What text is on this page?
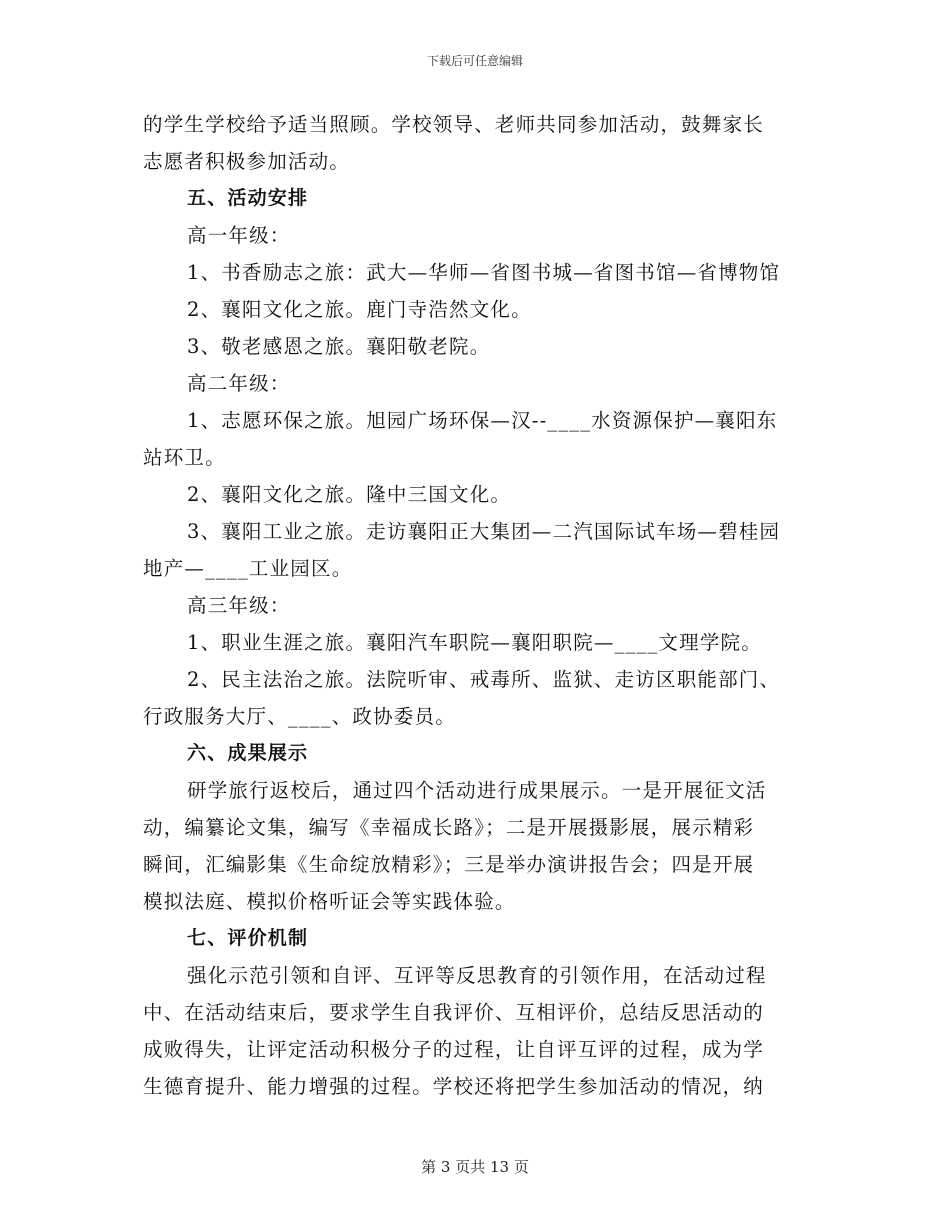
下载后可任意编辑
的学生学校给予适当照顾。学校领导、老师共同参加活动，鼓舞家长
志愿者积极参加活动。
五、活动安排
高一年级：
1、书香励志之旅：武大—华师—省图书城—省图书馆—省博物馆
2、襄阳文化之旅。鹿门寺浩然文化。
3、敬老感恩之旅。襄阳敬老院。
高二年级：
1、志愿环保之旅。旭园广场环保—汉--____水资源保护—襄阳东
站环卫。
2、襄阳文化之旅。隆中三国文化。
3、襄阳工业之旅。走访襄阳正大集团—二汽国际试车场—碧桂园
地产—____工业园区。
高三年级：
1、职业生涯之旅。襄阳汽车职院—襄阳职院—____文理学院。
2、民主法治之旅。法院听审、戒毒所、监狱、走访区职能部门、
行政服务大厅、____、政协委员。
六、成果展示
研学旅行返校后，通过四个活动进行成果展示。一是开展征文活
动，编纂论文集，编写《幸福成长路》；二是开展摄影展，展示精彩
瞬间，汇编影集《生命绽放精彩》；三是举办演讲报告会；四是开展
模拟法庭、模拟价格听证会等实践体验。
七、评价机制
强化示范引领和自评、互评等反思教育的引领作用，在活动过程
中、在活动结束后，要求学生自我评价、互相评价，总结反思活动的
成败得失，让评定活动积极分子的过程，让自评互评的过程，成为学
生德育提升、能力增强的过程。学校还将把学生参加活动的情况，纳
第 3 页共 13 页
